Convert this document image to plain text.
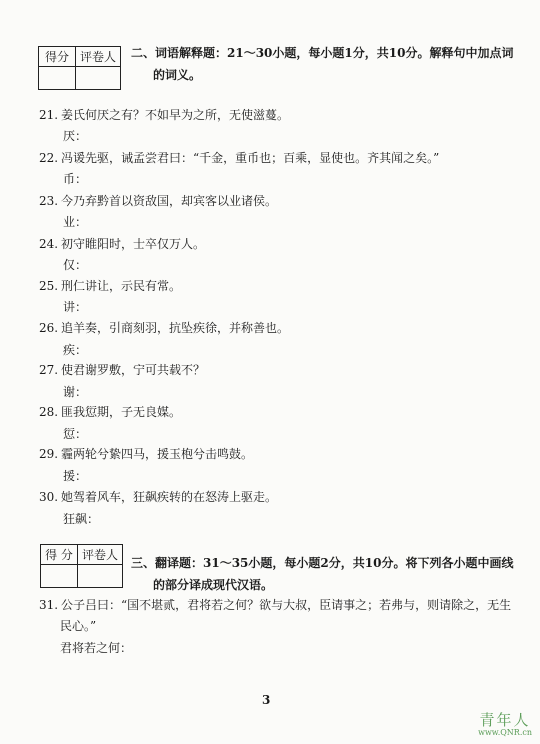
得分	评卷人
	二、词语解释题：21～30小题，每小题1分，共10分。解释句中加点词
的词义。
21. 姜氏何厌之有？不如早为之所，无使滋蔓。
厌：
22. 冯谖先驱，诫孟尝君曰：“千金，重币也；百乘，显使也。齐其闻之矣。”
币：
23. 今乃弃黔首以资敌国，却宾客以业诸侯。
业：
24. 初守睢阳时，士卒仅万人。
仅：
25. 刑仁讲让，示民有常。
讲：
26. 追羊奏，引商刻羽，抗坠疾徐，并称善也。
疾：
27. 使君谢罗敷，宁可共载不？
谢：
28. 匪我愆期，子无良媒。
愆：
29. 霾两轮兮絷四马，援玉枹兮击鸣鼓。
援：
30. 她驾着风车，狂飙疾转的在怒涛上驱走。
狂飙：
得 分	评卷人

三、翻译题：31～35小题，每小题2分，共10分。将下列各小题中画线
的部分译成现代汉语。
31. 公子吕曰：“国不堪贰，君将若之何？欲与大叔，臣请事之；若弗与，则请除之，无生
民心。”
君将若之何：
3
青年人
www.QNR.cn
